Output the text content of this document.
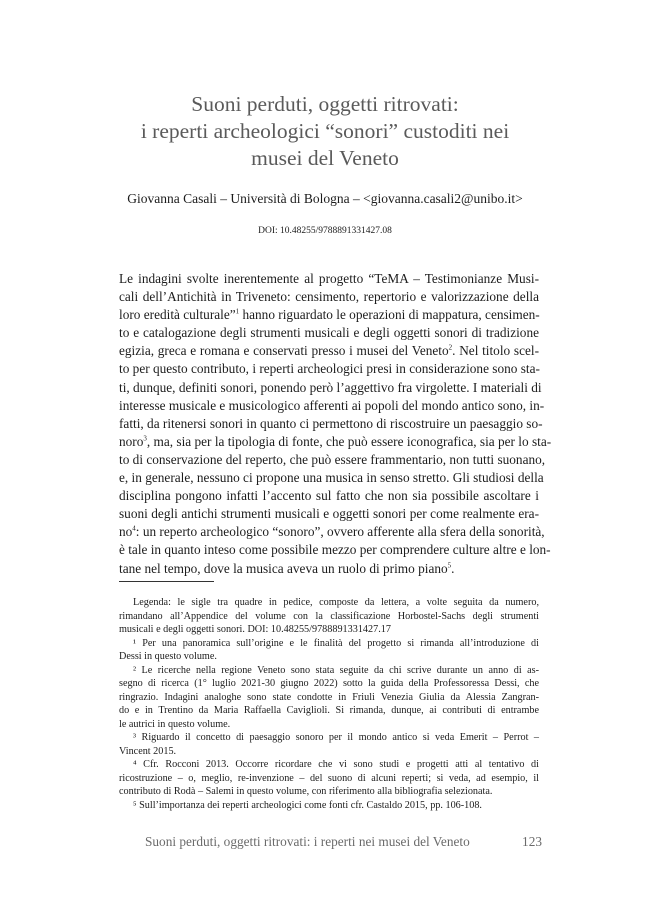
Suoni perduti, oggetti ritrovati:
i reperti archeologici “sonori” custoditi nei
musei del Veneto
Giovanna Casali – Università di Bologna – <giovanna.casali2@unibo.it>
DOI: 10.48255/9788891331427.08
Le indagini svolte inerentemente al progetto “TeMA – Testimonianze Musi-
cali dell’Antichità in Triveneto: censimento, repertorio e valorizzazione della
loro eredità culturale”$^1$ hanno riguardato le operazioni di mappatura, censimen-
to e catalogazione degli strumenti musicali e degli oggetti sonori di tradizione
egizia, greca e romana e conservati presso i musei del Veneto$^2$. Nel titolo scel-
to per questo contributo, i reperti archeologici presi in considerazione sono sta-
ti, dunque, definiti sonori, ponendo però l’aggettivo fra virgolette. I materiali di
interesse musicale e musicologico afferenti ai popoli del mondo antico sono, in-
fatti, da ritenersi sonori in quanto ci permettono di riscostruire un paesaggio so-
noro$^3$, ma, sia per la tipologia di fonte, che può essere iconografica, sia per lo sta-
to di conservazione del reperto, che può essere frammentario, non tutti suonano,
e, in generale, nessuno ci propone una musica in senso stretto. Gli studiosi della
disciplina pongono infatti l’accento sul fatto che non sia possibile ascoltare i
suoni degli antichi strumenti musicali e oggetti sonori per come realmente era-
$no^4$: un reperto archeologico “sonoro”, ovvero afferente alla sfera della sonorità,
è tale in quanto inteso come possibile mezzo per comprendere culture altre e lon-
tane nel tempo, dove la musica aveva un ruolo di primo piano$^5$.
Legenda: le sigle tra quadre in pedice, composte da lettera, a volte seguita da numero,
rimandano all’Appendice del volume con la classificazione Horbostel-Sachs degli strumenti
musicali e degli oggetti sonori. DOI: 10.48255/9788891331427.17
¹ Per una panoramica sull’origine e le finalità del progetto si rimanda all’introduzione di
Dessi in questo volume.
² Le ricerche nella regione Veneto sono stata seguite da chi scrive durante un anno di as-
segno di ricerca (1° luglio 2021-30 giugno 2022) sotto la guida della Professoressa Dessi, che
ringrazio. Indagini analoghe sono state condotte in Friuli Venezia Giulia da Alessia Zangran-
do e in Trentino da Maria Raffaella Caviglioli. Si rimanda, dunque, ai contributi di entrambe
le autrici in questo volume.
³ Riguardo il concetto di paesaggio sonoro per il mondo antico si veda Emerit – Perrot –
Vincent 2015.
⁴ Cfr. Rocconi 2013. Occorre ricordare che vi sono studi e progetti atti al tentativo di
ricostruzione – o, meglio, re-invenzione – del suono di alcuni reperti; si veda, ad esempio, il
contributo di Rodà – Salemi in questo volume, con riferimento alla bibliografia selezionata.
⁵ Sull’importanza dei reperti archeologici come fonti cfr. Castaldo 2015, pp. 106-108.
Suoni perduti, oggetti ritrovati: i reperti nei musei del Veneto	123
